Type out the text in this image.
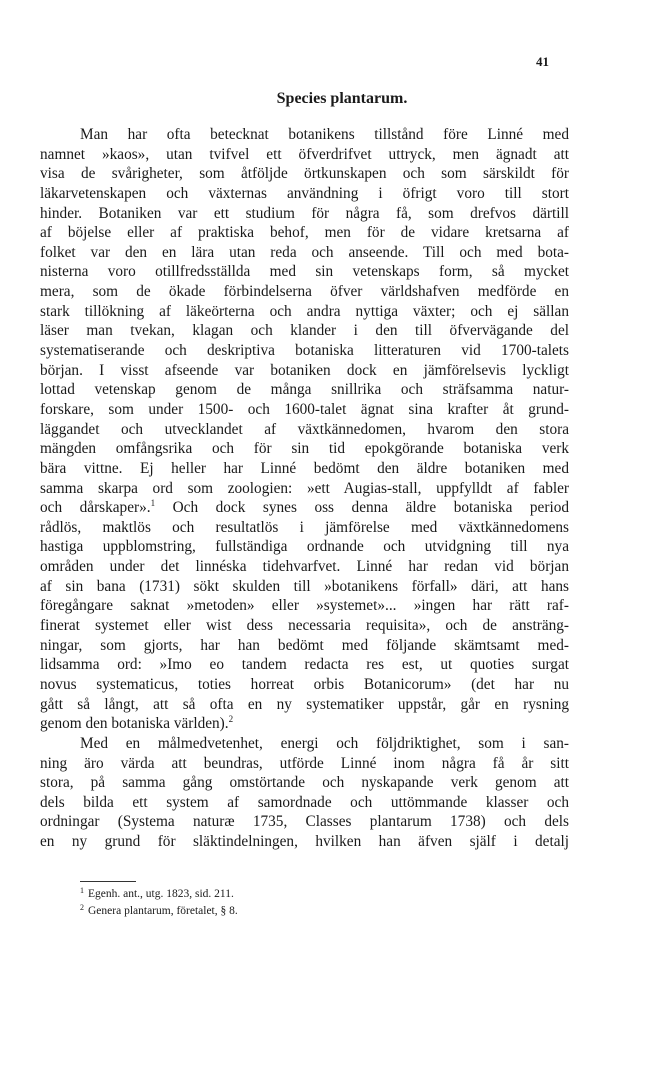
41
Species plantarum.
Man har ofta betecknat botanikens tillstånd före Linné med
namnet »kaos», utan tvifvel ett öfverdrifvet uttryck, men ägnadt att
visa de svårigheter, som åtföljde örtkunskapen och som särskildt för
läkarvetenskapen och växternas användning i öfrigt voro till stort
hinder. Botaniken var ett studium för några få, som drefvos därtill
af böjelse eller af praktiska behof, men för de vidare kretsarna af
folket var den en lära utan reda och anseende. Till och med bota-
nisterna voro otillfredsställda med sin vetenskaps form, så mycket
mera, som de ökade förbindelserna öfver världshafven medförde en
stark tillökning af läkeörterna och andra nyttiga växter; och ej sällan
läser man tvekan, klagan och klander i den till öfvervägande del
systematiserande och deskriptiva botaniska litteraturen vid 1700-talets
början. I visst afseende var botaniken dock en jämförelsevis lyckligt
lottad vetenskap genom de många snillrika och sträfsamma natur-
forskare, som under 1500- och 1600-talet ägnat sina krafter åt grund-
läggandet och utvecklandet af växtkännedomen, hvarom den stora
mängden omfångsrika och för sin tid epokgörande botaniska verk
bära vittne. Ej heller har Linné bedömt den äldre botaniken med
samma skarpa ord som zoologien: »ett Augias-stall, uppfylldt af fabler
och dårskaper».$^1$ Och dock synes oss denna äldre botaniska period
rådlös, maktlös och resultatlös i jämförelse med växtkännedomens
hastiga uppblomstring, fullständiga ordnande och utvidgning till nya
områden under det linnéska tidehvarfvet. Linné har redan vid början
af sin bana (1731) sökt skulden till »botanikens förfall» däri, att hans
föregångare saknat »metoden» eller »systemet»... »ingen har rätt raf-
finerat systemet eller wist dess necessaria requisita», och de ansträng-
ningar, som gjorts, har han bedömt med följande skämtsamt med-
lidsamma ord: »Imo eo tandem redacta res est, ut quoties surgat
novus systematicus, toties horreat orbis Botanicorum» (det har nu
gått så långt, att så ofta en ny systematiker uppstår, går en rysning
genom den botaniska världen).$^2$
Med en målmedvetenhet, energi och följdriktighet, som i san-
ning äro värda att beundras, utförde Linné inom några få år sitt
stora, på samma gång omstörtande och nyskapande verk genom att
dels bilda ett system af samordnade och uttömmande klasser och
ordningar (Systema naturæ 1735, Classes plantarum 1738) och dels
en ny grund för släktindelningen, hvilken han äfven själf i detalj
$^1$ Egenh. ant., utg. 1823, sid. 211.
$^2$ Genera plantarum, företalet, § 8.
